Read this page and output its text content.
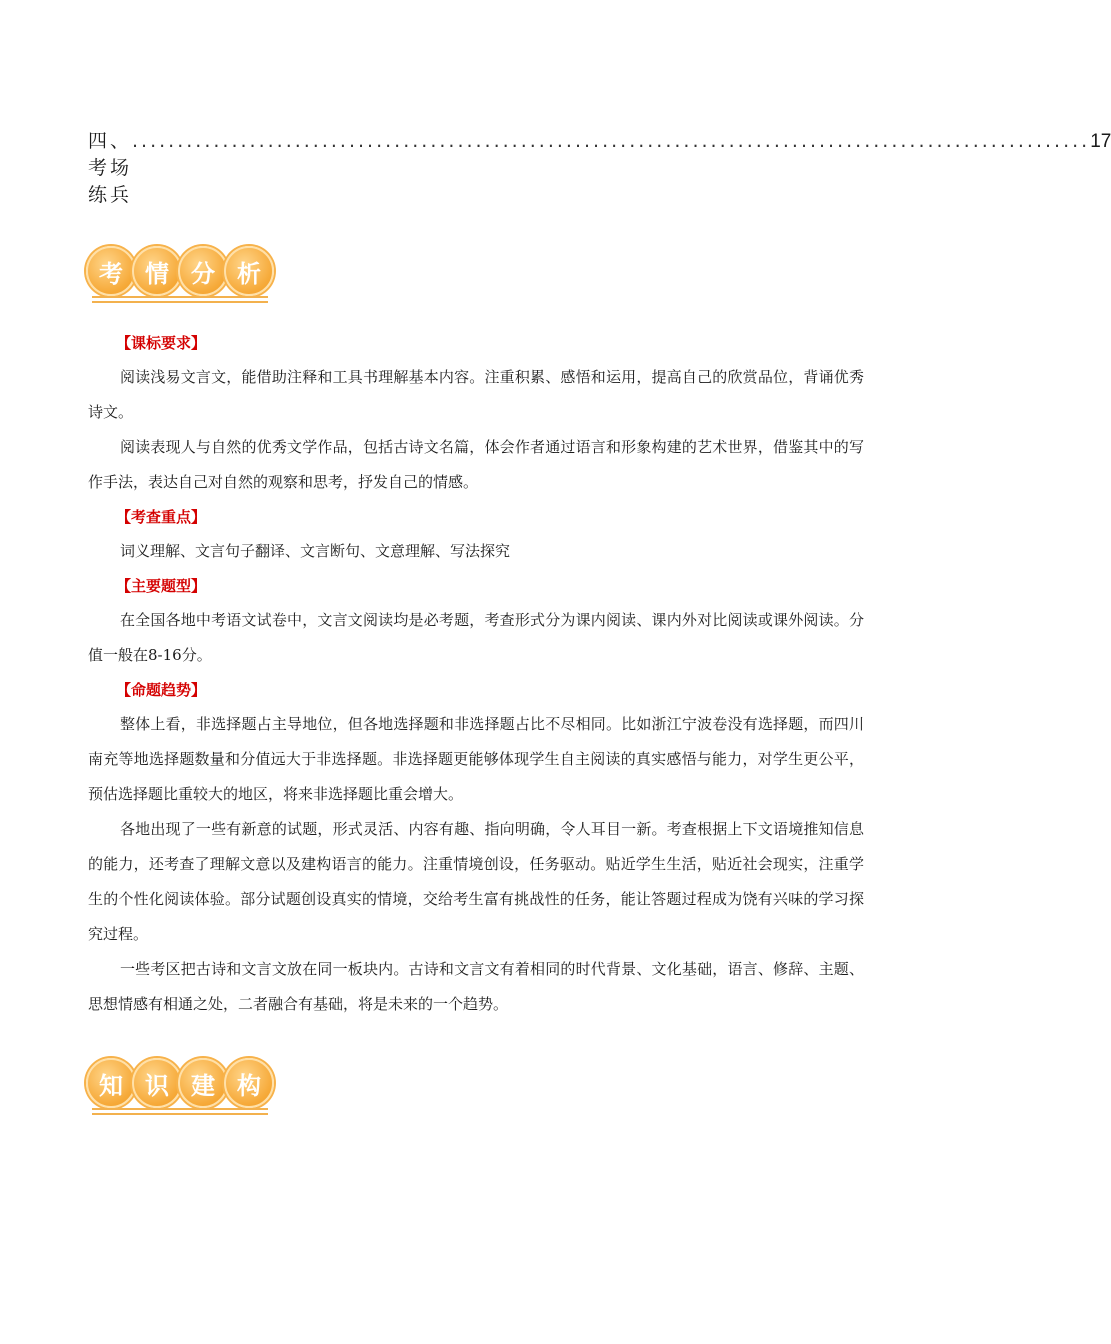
四、考场练兵
.......................................................................................................... 17
考 情 分 析
【课标要求】
阅读浅易文言文，能借助注释和工具书理解基本内容。注重积累、感悟和运用，提高自己的欣赏品位，背诵优秀诗文。
阅读表现人与自然的优秀文学作品，包括古诗文名篇，体会作者通过语言和形象构建的艺术世界，借鉴其中的写作手法，表达自己对自然的观察和思考，抒发自己的情感。
【考查重点】
词义理解、文言句子翻译、文言断句、文意理解、写法探究
【主要题型】
在全国各地中考语文试卷中，文言文阅读均是必考题，考查形式分为课内阅读、课内外对比阅读或课外阅读。分值一般在8-16分。
【命题趋势】
整体上看，非选择题占主导地位，但各地选择题和非选择题占比不尽相同。比如浙江宁波卷没有选择题，而四川南充等地选择题数量和分值远大于非选择题。非选择题更能够体现学生自主阅读的真实感悟与能力，对学生更公平，预估选择题比重较大的地区，将来非选择题比重会增大。
各地出现了一些有新意的试题，形式灵活、内容有趣、指向明确，令人耳目一新。考查根据上下文语境推知信息的能力，还考查了理解文意以及建构语言的能力。注重情境创设，任务驱动。贴近学生生活，贴近社会现实，注重学生的个性化阅读体验。部分试题创设真实的情境，交给考生富有挑战性的任务，能让答题过程成为饶有兴味的学习探究过程。
一些考区把古诗和文言文放在同一板块内。古诗和文言文有着相同的时代背景、文化基础，语言、修辞、主题、思想情感有相通之处，二者融合有基础，将是未来的一个趋势。
知 识 建 构
